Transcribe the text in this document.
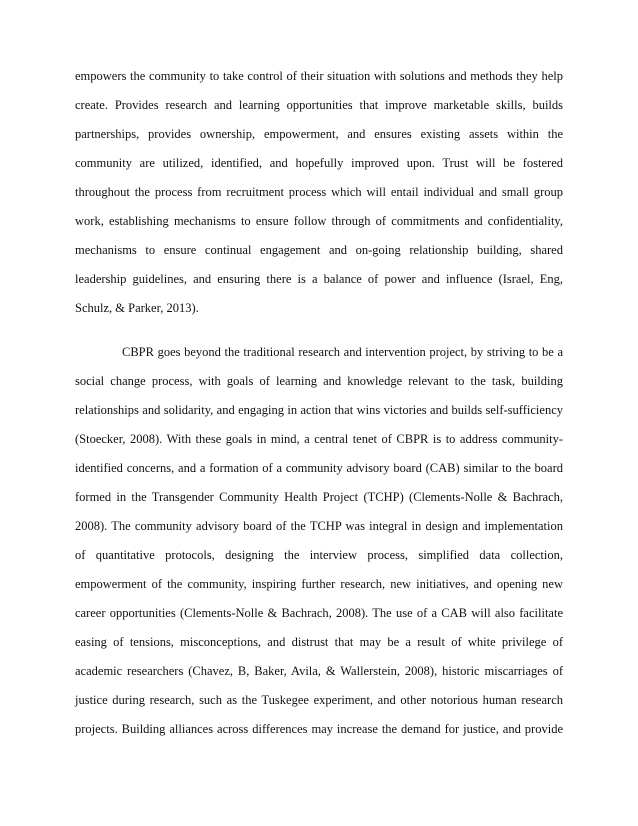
empowers the community to take control of their situation with solutions and methods they help
create. Provides research and learning opportunities that improve marketable skills, builds
partnerships, provides ownership, empowerment, and ensures existing assets within the
community are utilized, identified, and hopefully improved upon. Trust will be fostered
throughout the process from recruitment process which will entail individual and small group
work, establishing mechanisms to ensure follow through of commitments and confidentiality,
mechanisms to ensure continual engagement and on-going relationship building, shared
leadership guidelines, and ensuring there is a balance of power and influence (Israel, Eng,
Schulz, & Parker, 2013).
CBPR goes beyond the traditional research and intervention project, by striving to be a
social change process, with goals of learning and knowledge relevant to the task, building
relationships and solidarity, and engaging in action that wins victories and builds self-sufficiency
(Stoecker, 2008). With these goals in mind, a central tenet of CBPR is to address community-
identified concerns, and a formation of a community advisory board (CAB) similar to the board
formed in the Transgender Community Health Project (TCHP) (Clements-Nolle & Bachrach,
2008). The community advisory board of the TCHP was integral in design and implementation
of quantitative protocols, designing the interview process, simplified data collection,
empowerment of the community, inspiring further research, new initiatives, and opening new
career opportunities (Clements-Nolle & Bachrach, 2008). The use of a CAB will also facilitate
easing of tensions, misconceptions, and distrust that may be a result of white privilege of
academic researchers (Chavez, B, Baker, Avila, & Wallerstein, 2008), historic miscarriages of
justice during research, such as the Tuskegee experiment, and other notorious human research
projects. Building alliances across differences may increase the demand for justice, and provide
